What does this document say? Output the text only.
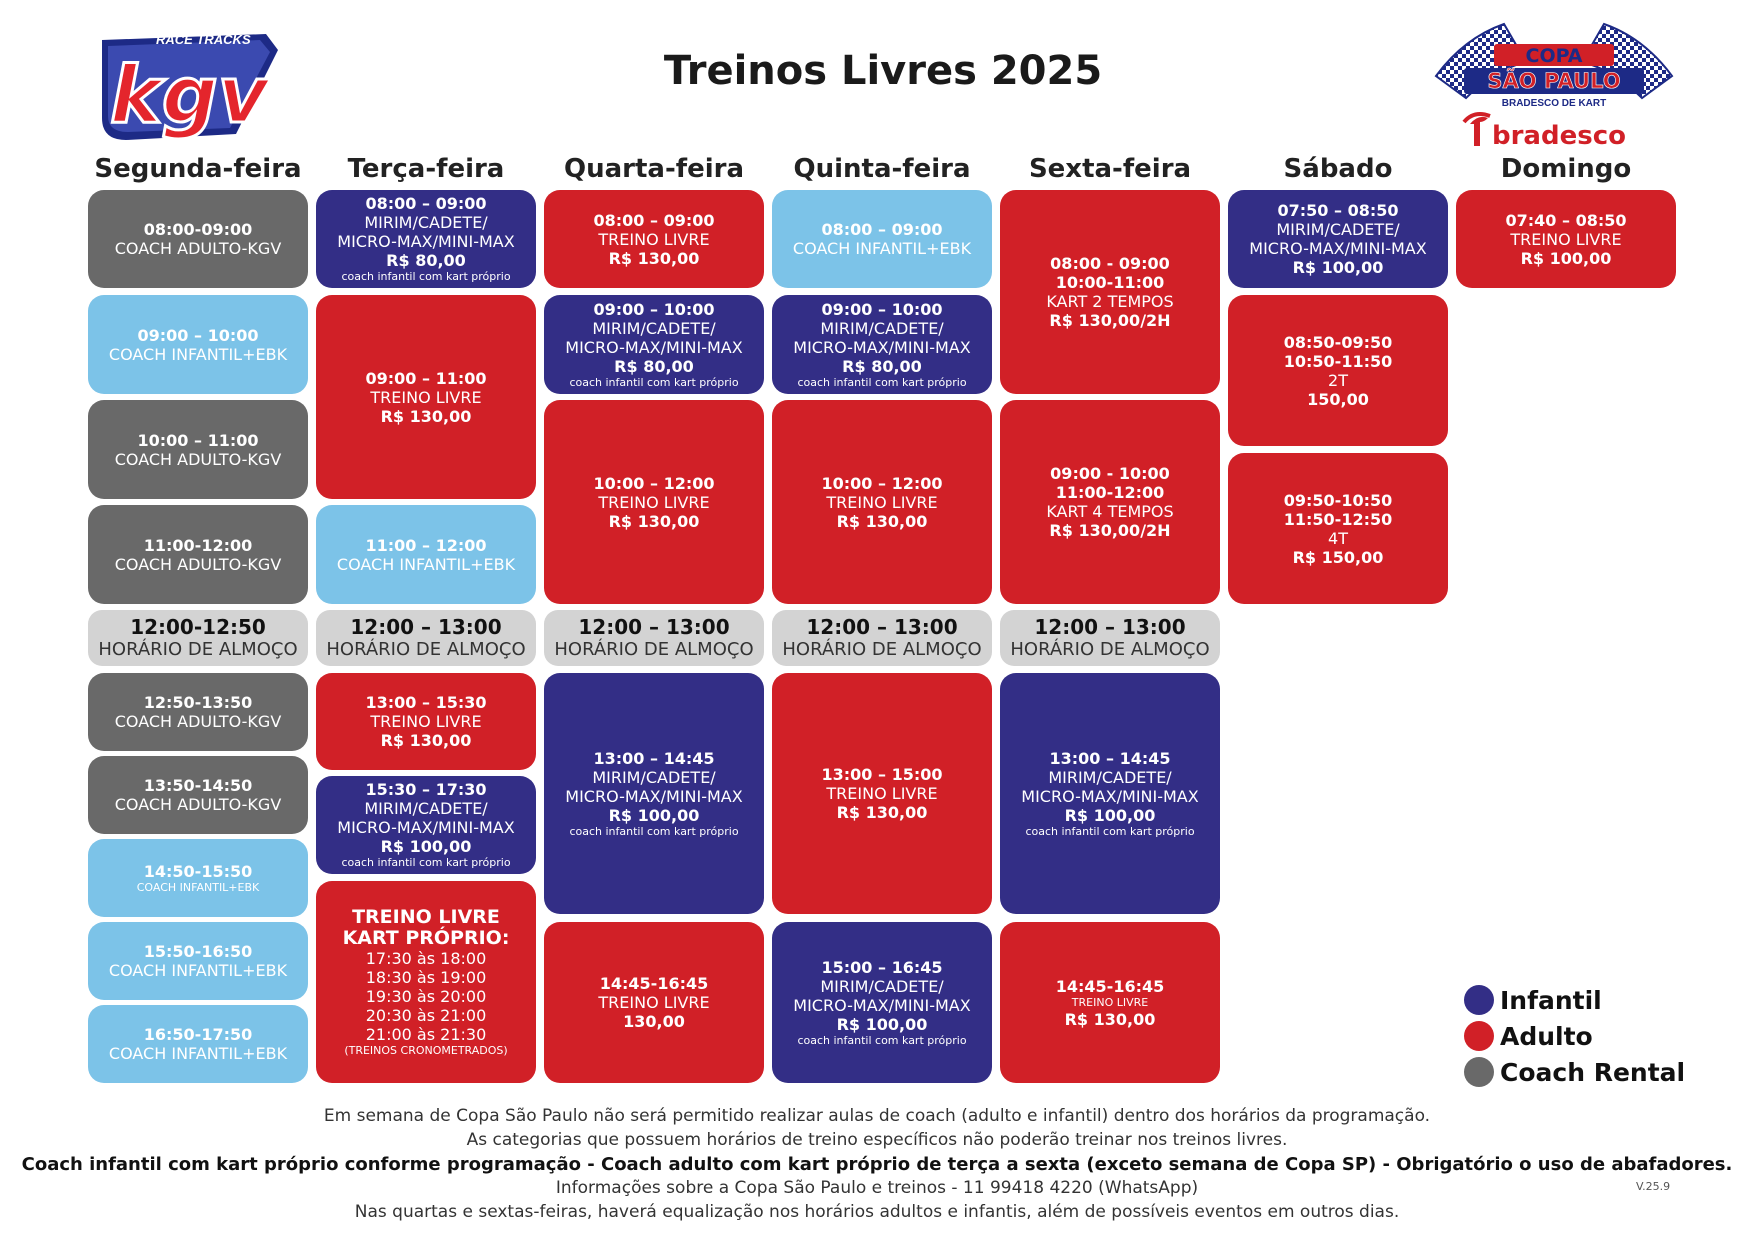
RACE TRACKS
kgv	COPA
SÃO PAULO
BRADESCO DE KART
bradesco
Treinos Livres 2025
Segunda-feira
08:00-09:00
COACH ADULTO-KGV
09:00 – 10:00
COACH INFANTIL+EBK
10:00 – 11:00
COACH ADULTO-KGV
11:00-12:00
COACH ADULTO-KGV
12:00-12:50
HORÁRIO DE ALMOÇO
12:50-13:50
COACH ADULTO-KGV
13:50-14:50
COACH ADULTO-KGV
14:50-15:50
COACH INFANTIL+EBK
15:50-16:50
COACH INFANTIL+EBK
16:50-17:50
COACH INFANTIL+EBK
Terça-feira
08:00 – 09:00
MIRIM/CADETE/
MICRO-MAX/MINI-MAX
R$ 80,00
coach infantil com kart próprio
09:00 – 11:00
TREINO LIVRE
R$ 130,00
11:00 – 12:00
COACH INFANTIL+EBK
12:00 – 13:00
HORÁRIO DE ALMOÇO
13:00 – 15:30
TREINO LIVRE
R$ 130,00
15:30 – 17:30
MIRIM/CADETE/
MICRO-MAX/MINI-MAX
R$ 100,00
coach infantil com kart próprio
TREINO LIVRE
KART PRÓPRIO:
17:30 às 18:00
18:30 às 19:00
19:30 às 20:00
20:30 às 21:00
21:00 às 21:30
(TREINOS CRONOMETRADOS)
Quarta-feira
08:00 – 09:00
TREINO LIVRE
R$ 130,00
09:00 – 10:00
MIRIM/CADETE/
MICRO-MAX/MINI-MAX
R$ 80,00
coach infantil com kart próprio
10:00 – 12:00
TREINO LIVRE
R$ 130,00
12:00 – 13:00
HORÁRIO DE ALMOÇO
13:00 – 14:45
MIRIM/CADETE/
MICRO-MAX/MINI-MAX
R$ 100,00
coach infantil com kart próprio
14:45-16:45
TREINO LIVRE
130,00
Quinta-feira
08:00 – 09:00
COACH INFANTIL+EBK
09:00 – 10:00
MIRIM/CADETE/
MICRO-MAX/MINI-MAX
R$ 80,00
coach infantil com kart próprio
10:00 – 12:00
TREINO LIVRE
R$ 130,00
12:00 – 13:00
HORÁRIO DE ALMOÇO
13:00 – 15:00
TREINO LIVRE
R$ 130,00
15:00 – 16:45
MIRIM/CADETE/
MICRO-MAX/MINI-MAX
R$ 100,00
coach infantil com kart próprio
Sexta-feira
08:00 - 09:00
10:00-11:00
KART 2 TEMPOS
R$ 130,00/2H
09:00 - 10:00
11:00-12:00
KART 4 TEMPOS
R$ 130,00/2H
12:00 – 13:00
HORÁRIO DE ALMOÇO
13:00 – 14:45
MIRIM/CADETE/
MICRO-MAX/MINI-MAX
R$ 100,00
coach infantil com kart próprio
14:45-16:45
TREINO LIVRE
R$ 130,00
Sábado
07:50 – 08:50
MIRIM/CADETE/
MICRO-MAX/MINI-MAX
R$ 100,00
08:50-09:50
10:50-11:50
2T
150,00
09:50-10:50
11:50-12:50
4T
R$ 150,00
Domingo
07:40 – 08:50
TREINO LIVRE
R$ 100,00
Infantil
Adulto
Coach Rental
Em semana de Copa São Paulo não será permitido realizar aulas de coach (adulto e infantil) dentro dos horários da programação.
As categorias que possuem horários de treino específicos não poderão treinar nos treinos livres.
Coach infantil com kart próprio conforme programação - Coach adulto com kart próprio de terça a sexta (exceto semana de Copa SP) - Obrigatório o uso de abafadores.
Informações sobre a Copa São Paulo e treinos - 11 99418 4220 (WhatsApp)
Nas quartas e sextas-feiras, haverá equalização nos horários adultos e infantis, além de possíveis eventos em outros dias.
V.25.9
